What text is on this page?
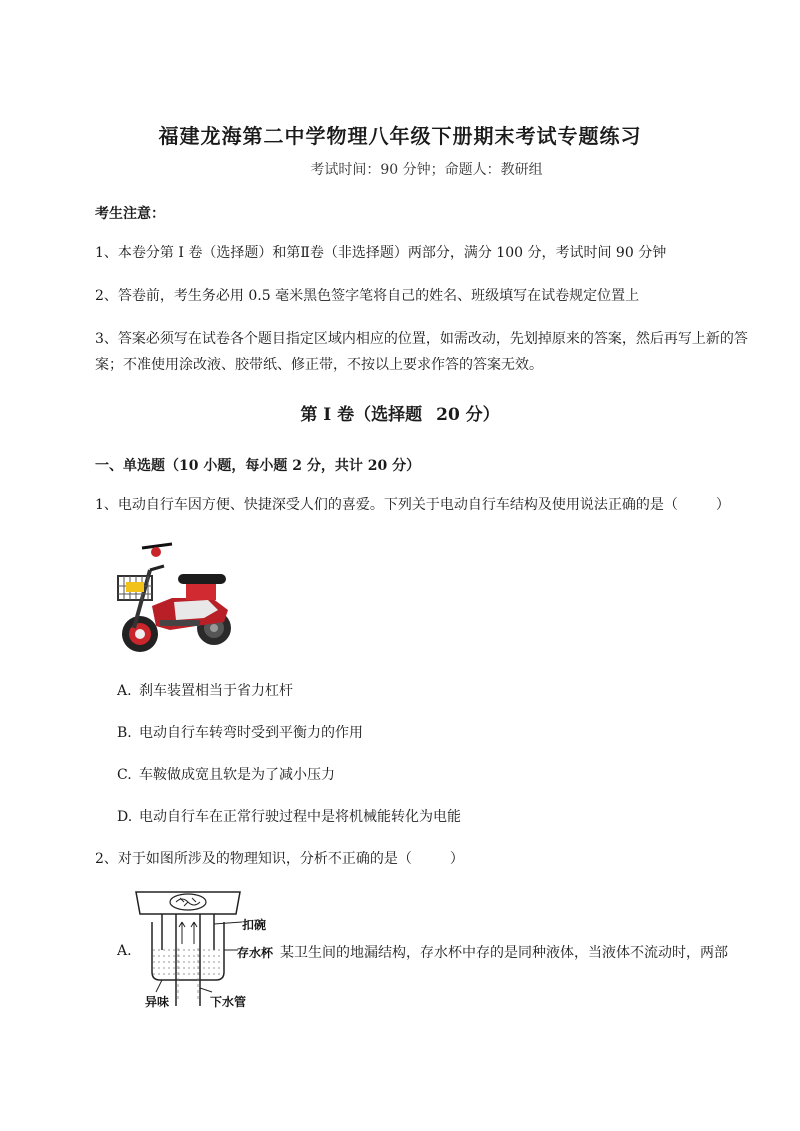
福建龙海第二中学物理八年级下册期末考试专题练习
考试时间：90 分钟；命题人：教研组
考生注意：
1、本卷分第 I 卷（选择题）和第Ⅱ卷（非选择题）两部分，满分 100 分，考试时间 90 分钟
2、答卷前，考生务必用 0.5 毫米黑色签字笔将自己的姓名、班级填写在试卷规定位置上
3、答案必须写在试卷各个题目指定区域内相应的位置，如需改动，先划掉原来的答案，然后再写上新的答案；不准使用涂改液、胶带纸、修正带，不按以上要求作答的答案无效。
第 I 卷（选择题 20 分）
一、单选题（10 小题，每小题 2 分，共计 20 分）
1、电动自行车因方便、快捷深受人们的喜爱。下列关于电动自行车结构及使用说法正确的是（	）
A. 刹车装置相当于省力杠杆
B. 电动自行车转弯时受到平衡力的作用
C. 车鞍做成宽且软是为了减小压力
D. 电动自行车在正常行驶过程中是将机械能转化为电能
2、对于如图所涉及的物理知识，分析不正确的是（	）
扣碗
存水杯
异味	下水管
A.	某卫生间的地漏结构，存水杯中存的是同种液体，当液体不流动时，两部
